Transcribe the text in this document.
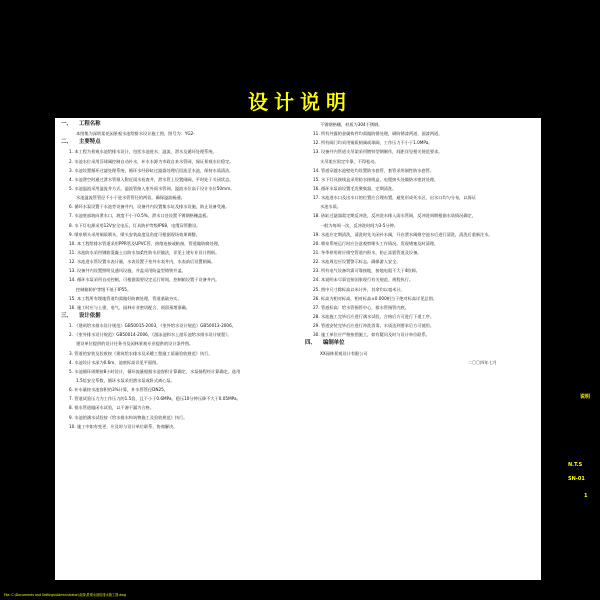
设计说明
一、 工程名称
本图集为深圳某花园景观水池给排水设计施工图，图号为：YG2-
二、 主要特点
1. 本工程为景观水池给排水设计，包括水池进水、溢流、泄水及循环处理系统。
2. 水池水位采用浮球阀控制自动补水，补水水源为市政自来水管网，保证景观水位稳定。
3. 水池设置循环过滤处理系统，循环水经砂缸过滤器处理后回流至水池，保持水质清洁。
4. 水池泄空时通过泄水管排入附近雨水检查井，泄水管上设置闸阀，平时处于关闭状态。
5. 水池溢流采用溢流井方式，溢流管接入室外雨水管网，溢流水位高于设计水位50mm。
水池溢流管管径不小于进水管管径的两倍，确保溢流畅通。
6. 循环水泵设置于水池旁设备井内，设备井内设置集水坑及排水设施，防止设备受淹。
7. 水池底部坡向泄水口，坡度不小于0.5%，泄水口处设置不锈钢格栅盖板。
8. 水下灯电源采用12V安全电压，灯具防护等级IP68，电缆穿管敷设。
9. 喷泉喷头采用铜质喷头，喷头安装高度及角度可根据现场效果调整。
10. 本工程给排水管道采用PPR管及UPVC管，热熔连接或粘接，管道做防腐处理。
11. 水池防水采用钢筋混凝土自防水加柔性防水层做法，详见土建专业设计图纸。
12. 水池进水管设置水表计量，水表设置于室外水表井内，水表前后设置闸阀。
13. 设备井内设置照明及通风设施，井盖采用防盗型铸铁井盖。
14. 循环水泵采用自动控制，可根据需要设定运行时间，控制箱设置于设备井内。
控制箱防护等级不低于IP55。
15. 本工程所有埋地管道均需做好防腐处理，管道基础夯实。
16. 施工时应与土建、电气、园林专业密切配合，预留预埋准确。
三、 设计依据
1. 《建筑给水排水设计规范》GB50015-2003，《室外给水设计规范》GB50013-2006。
2. 《室外排水设计规范》GB50014-2006，《游泳池和水上游乐池给水排水设计规程》。
建设单位提供的设计任务书及园林景观专业提供的设计条件图。
3. 管道的安装及验收按《建筑给水排水及采暖工程施工质量验收规范》执行。
4. 水池设计水深为0.6m，池底标高详见平面图。
5. 水池循环周期按8小时设计，循环流量根据水池容积计算确定，水泵扬程经计算确定，选用
1.5倍安全系数，循环水泵采用潜水泵或卧式离心泵。
6. 补水量按水池容积的3%计算，补水管管径DN25。
7. 管道试验压力为工作压力的1.5倍，且不小于0.6MPa，稳压10分钟压降不大于0.05MPa。
8. 排水管道做闭水试验，以不渗不漏为合格。
9. 水池的满水试验按《给水排水构筑物施工及验收规范》执行。
10. 施工中如有变更，应及时与设计单位联系，协商解决。
不锈钢格栅，材质为304不锈钢。
11. 所有外露的金属构件均需做防锈处理，刷防锈漆两道、面漆两道。
12. 所有阀门均采用铜质闸阀或球阀，工作压力不小于1.0MPa。
13. 设备井内管道支吊架采用镀锌型钢制作，间距详见相关规范要求。
支吊架应固定牢靠，不得松动。
14. 管道穿越水池壁处均设置防水套管，套管采用刚性防水套管。
15. 水下灯具接线盒采用防水接线盒，电缆接头处做防水密封处理。
16. 循环水泵前设置毛发聚集器，定期清洗。
17. 水池进水口及出水口的位置应合理布置，避免形成死水区，出水口均匀分布，以保证
水池水质。
18. 砂缸过滤器需定期反冲洗，反冲洗水排入雨水管网，反冲洗周期根据水质情况确定，
一般为每周一次，反冲洗时间为3-5分钟。
19. 水池应定期清洗，清洗时先关闭补水阀，开启泄水阀排空池水后进行清洗，清洗后重新注水。
20. 喷泉系统运行时应注意观察喷头工作情况，发现堵塞及时清理。
21. 冬季停用时应排空管道内积水，防止冻裂管道及设备。
22. 水池周边应设置警示标志，确保游人安全。
23. 所有电气设备均需可靠接地，接地电阻不大于4欧姆。
24. 本说明未尽事宜按国家现行有关规范、规程执行。
25. 图中尺寸除标高以米计外，其余均以毫米计。
26. 标高为相对标高，相对标高±0.000相当于绝对标高详见总图。
27. 管道标高：给水管指管中心，排水管指管内底。
28. 水池施工完毕后应进行满水试验，合格后方可进行下道工序。
29. 管道安装完毕后应进行冲洗消毒，水质达到要求后方可使用。
30. 施工单位应严格按图施工，如有疑问及时与设计单位联系。
四、 编制单位
XX园林景观设计有限公司
二〇〇四年七月
说明
N.T.S
SN-01
1
File: C:\Documents and Settings\Administrator\桌面\景观水池给排水施工图.dwg
